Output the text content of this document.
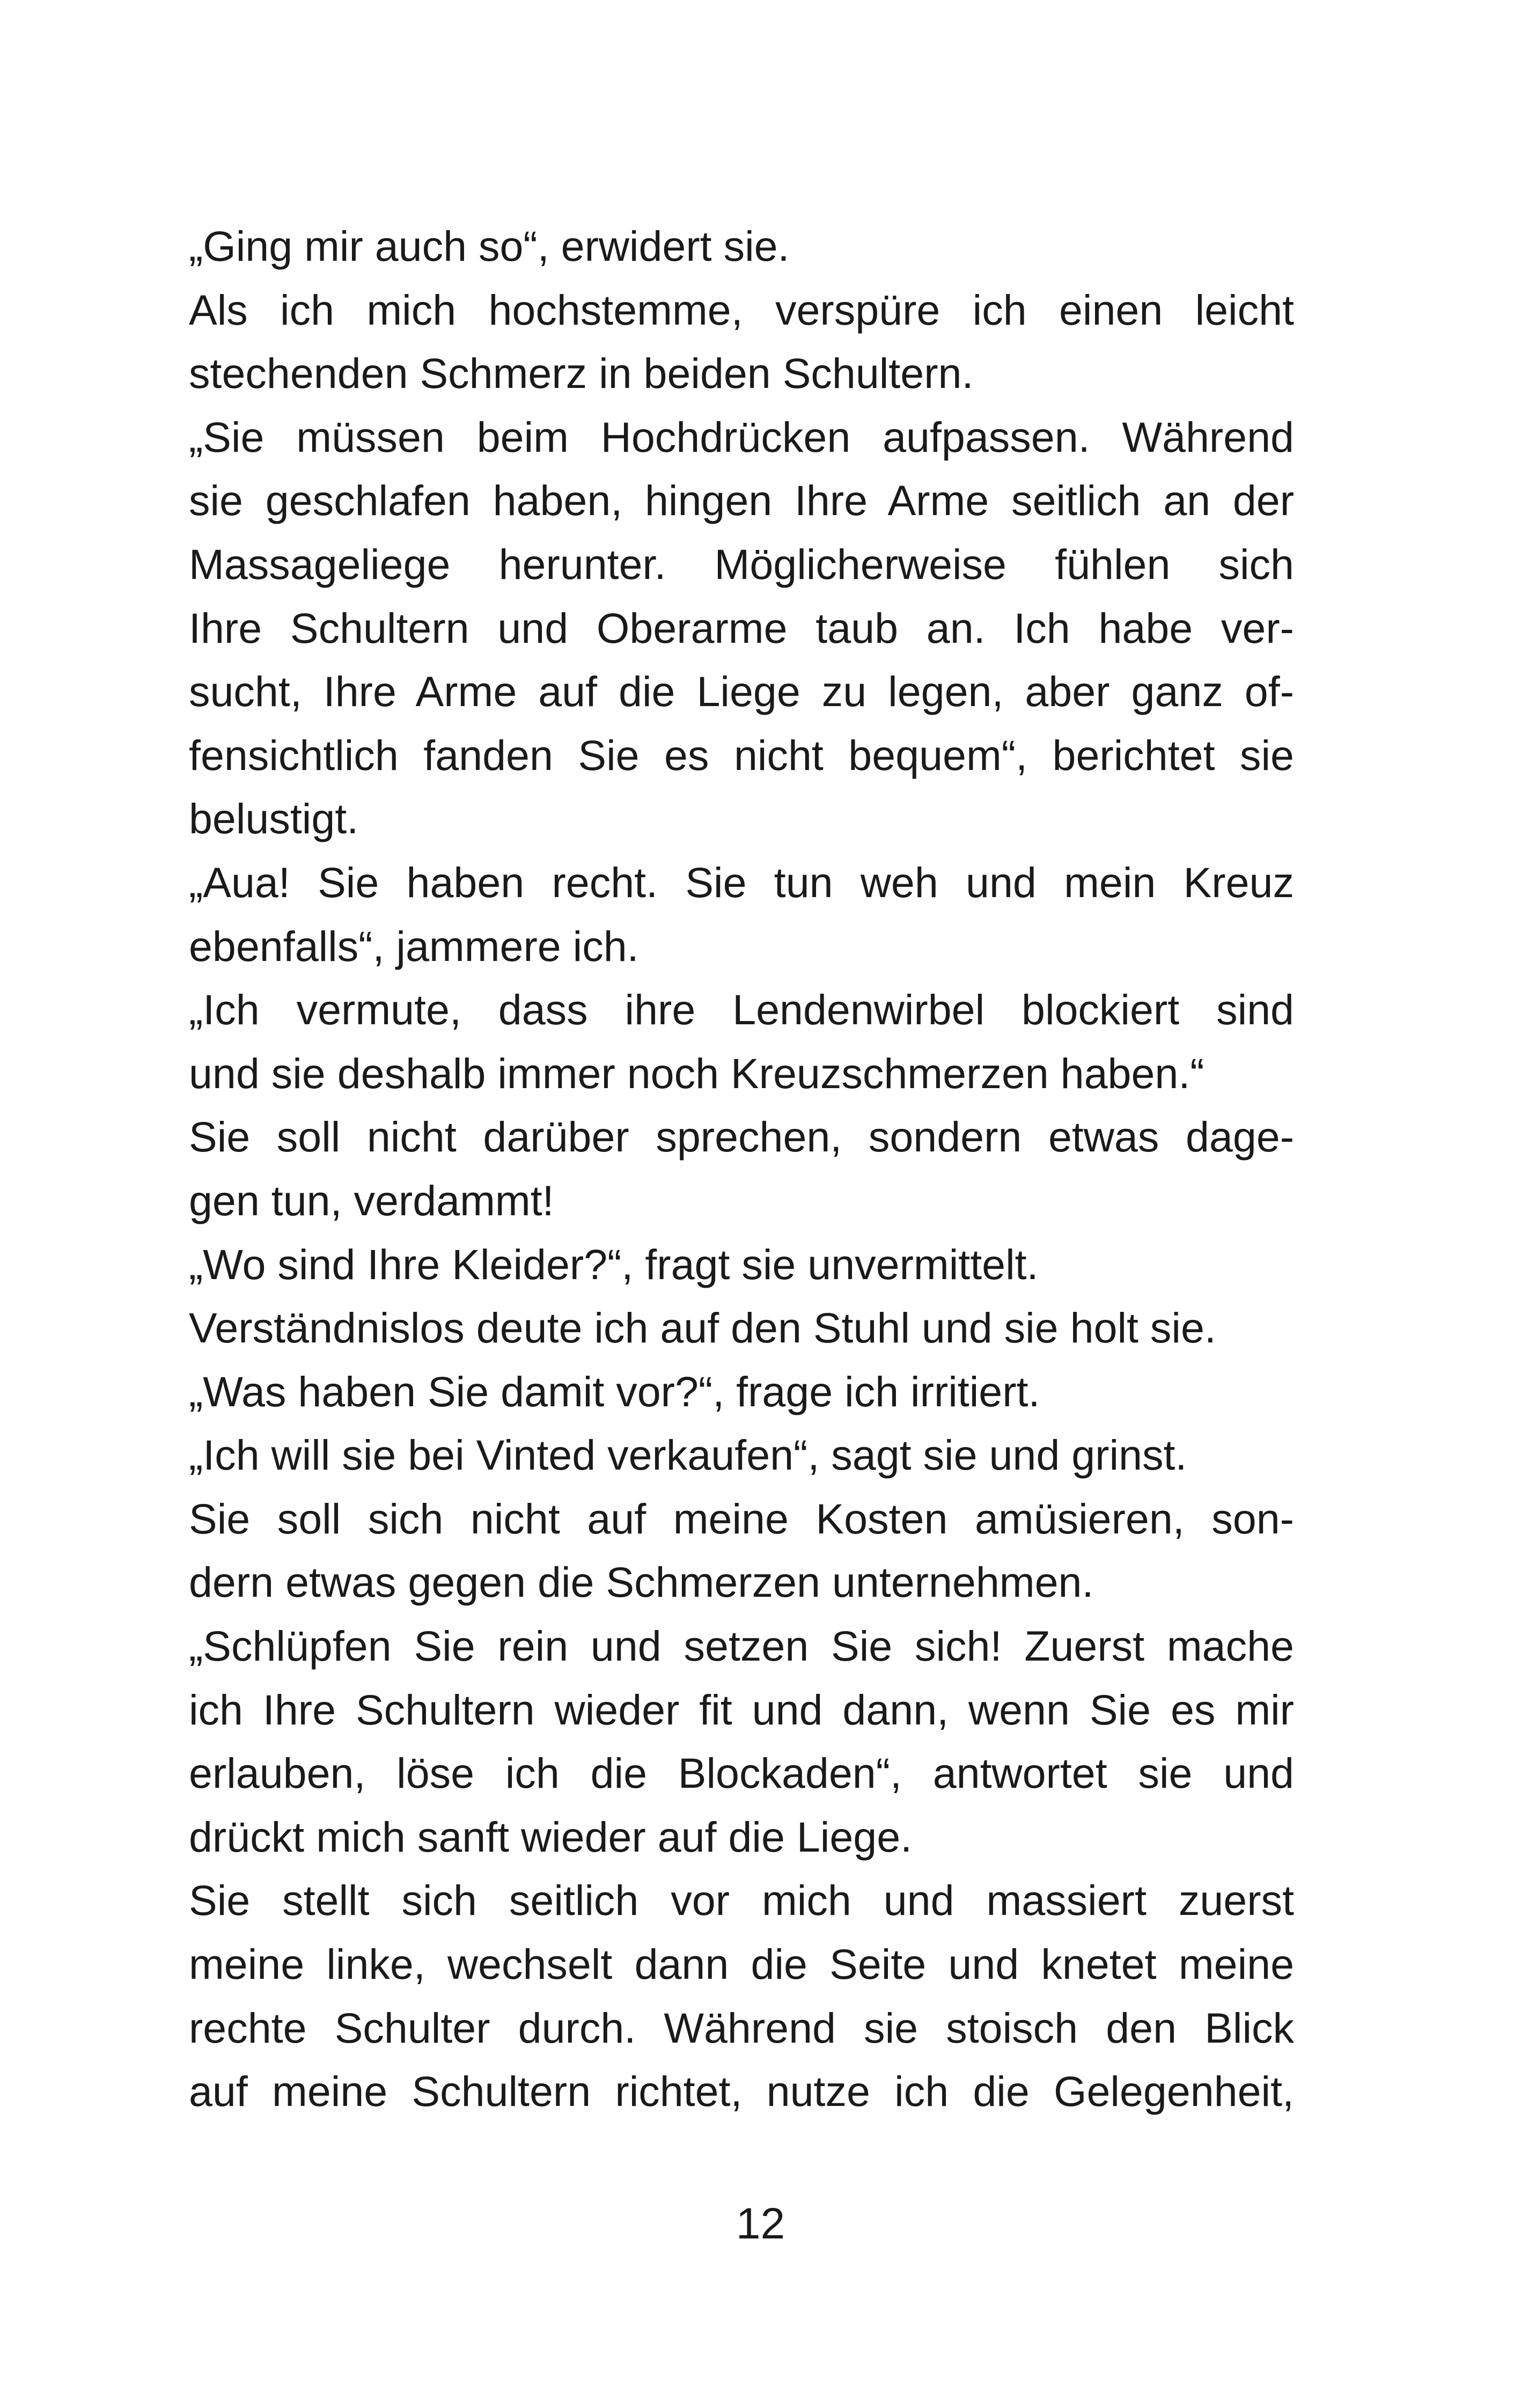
„Ging mir auch so“, erwidert sie.
Als ich mich hochstemme, verspüre ich einen leicht
stechenden Schmerz in beiden Schultern.
„Sie müssen beim Hochdrücken aufpassen. Während
sie geschlafen haben, hingen Ihre Arme seitlich an der
Massageliege herunter. Möglicherweise fühlen sich
Ihre Schultern und Oberarme taub an. Ich habe ver-
sucht, Ihre Arme auf die Liege zu legen, aber ganz of-
fensichtlich fanden Sie es nicht bequem“, berichtet sie
belustigt.
„Aua! Sie haben recht. Sie tun weh und mein Kreuz
ebenfalls“, jammere ich.
„Ich vermute, dass ihre Lendenwirbel blockiert sind
und sie deshalb immer noch Kreuzschmerzen haben.“
Sie soll nicht darüber sprechen, sondern etwas dage-
gen tun, verdammt!
„Wo sind Ihre Kleider?“, fragt sie unvermittelt.
Verständnislos deute ich auf den Stuhl und sie holt sie.
„Was haben Sie damit vor?“, frage ich irritiert.
„Ich will sie bei Vinted verkaufen“, sagt sie und grinst.
Sie soll sich nicht auf meine Kosten amüsieren, son-
dern etwas gegen die Schmerzen unternehmen.
„Schlüpfen Sie rein und setzen Sie sich! Zuerst mache
ich Ihre Schultern wieder fit und dann, wenn Sie es mir
erlauben, löse ich die Blockaden“, antwortet sie und
drückt mich sanft wieder auf die Liege.
Sie stellt sich seitlich vor mich und massiert zuerst
meine linke, wechselt dann die Seite und knetet meine
rechte Schulter durch. Während sie stoisch den Blick
auf meine Schultern richtet, nutze ich die Gelegenheit,
12
